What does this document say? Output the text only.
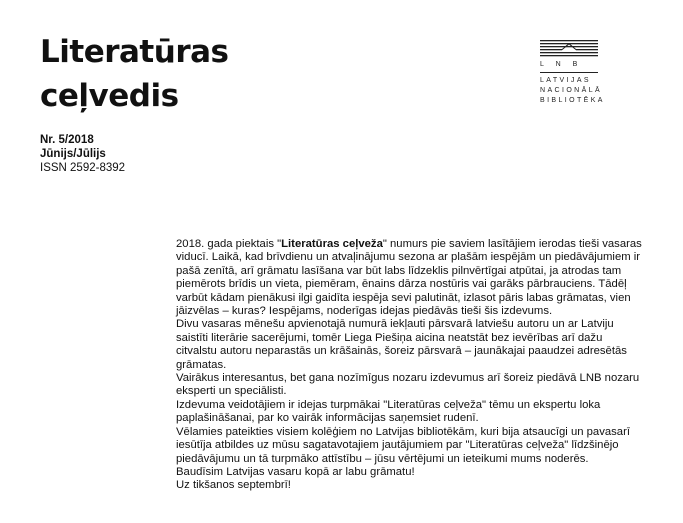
Literatūras
ceļvedis
Nr. 5/2018
Jūnijs/Jūlijs
ISSN 2592-8392
L N B
LATVIJAS
NACIONĀLĀ
BIBLIOTĒKA

2018. gada piektais "Literatūras ceļveža" numurs pie saviem lasītājiem ierodas tieši vasaras viducī. Laikā, kad brīvdienu un atvaļinājumu sezona ar plašām iespējām un piedāvājumiem ir pašā zenītā, arī grāmatu lasīšana var būt labs līdzeklis pilnvērtīgai atpūtai, ja atrodas tam piemērots brīdis un vieta, piemēram, ēnains dārza nostūris vai garāks pārbrauciens. Tādēļ varbūt kādam pienākusi ilgi gaidīta iespēja sevi palutināt, izlasot pāris labas grāmatas, vien jāizvēlas – kuras? Iespējams, noderīgas idejas piedāvās tieši šis izdevums.

Divu vasaras mēnešu apvienotajā numurā iekļauti pārsvarā latviešu autoru un ar Latviju saistīti literārie sacerējumi, tomēr Liega Piešiņa aicina neatstāt bez ievērības arī dažu citvalstu autoru neparastās un krāšainās, šoreiz pārsvarā – jaunākajai paaudzei adresētās grāmatas.

Vairākus interesantus, bet gana nozīmīgus nozaru izdevumus arī šoreiz piedāvā LNB nozaru eksperti un speciālisti.

Izdevuma veidotājiem ir idejas turpmākai "Literatūras ceļveža" tēmu un ekspertu loka paplašināšanai, par ko vairāk informācijas saņemsiet rudenī.

Vēlamies pateikties visiem kolēģiem no Latvijas bibliotēkām, kuri bija atsaucīgi un pavasarī iesūtīja atbildes uz mūsu sagatavotajiem jautājumiem par "Literatūras ceļveža" līdzšinējo piedāvājumu un tā turpmāko attīstību – jūsu vērtējumi un ieteikumi mums noderēs.

Baudīsim Latvijas vasaru kopā ar labu grāmatu!

Uz tikšanos septembrī!
